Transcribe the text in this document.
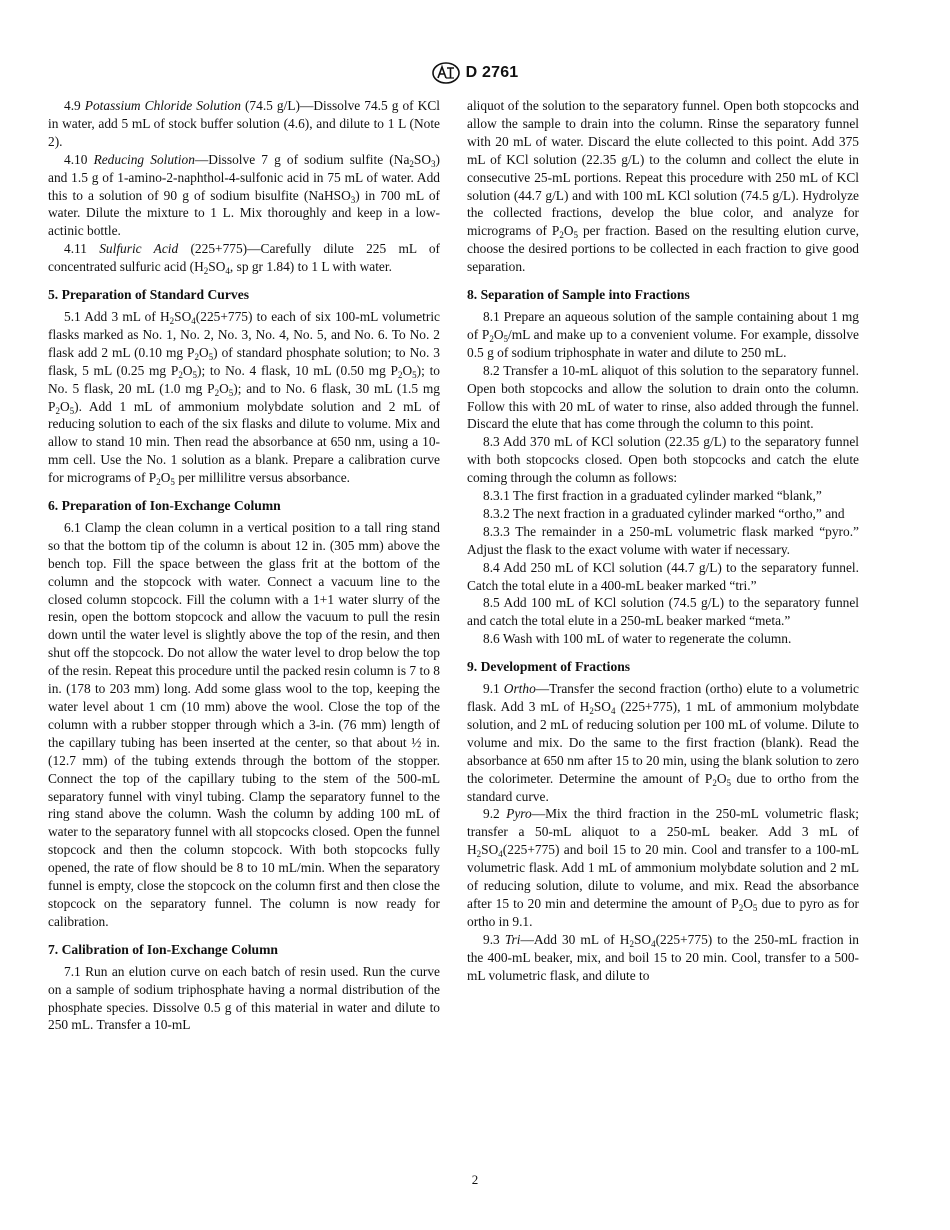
D 2761

4.9 Potassium Chloride Solution (74.5 g/L)—Dissolve 74.5 g of KCl in water, add 5 mL of stock buffer solution (4.6), and dilute to 1 L (Note 2).

4.10 Reducing Solution—Dissolve 7 g of sodium sulfite $(Na_2SO_3)$ and 1.5 g of 1-amino-2-naphthol-4-sulfonic acid in 75 mL of water. Add this to a solution of 90 g of sodium bisulfite (NaHSO$_3$) in 700 mL of water. Dilute the mixture to 1 L. Mix thoroughly and keep in a low-actinic bottle.

4.11 Sulfuric Acid (225+775)—Carefully dilute 225 mL of concentrated sulfuric acid ($H_2SO_4$, sp gr 1.84) to 1 L with water.

5. Preparation of Standard Curves

5.1 Add 3 mL of $H_2SO_4(225+775)$ to each of six 100-mL volumetric flasks marked as No. 1, No. 2, No. 3, No. 4, No. 5, and No. 6. To No. 2 flask add 2 mL (0.10 mg $P_2O_5$) of standard phosphate solution; to No. 3 flask, 5 mL (0.25 mg $P_2O_5$); to No. 4 flask, 10 mL (0.50 mg $P_2O_5$); to No. 5 flask, 20 mL (1.0 mg $P_2O_5$); and to No. 6 flask, 30 mL (1.5 mg $P_2O_5$). Add 1 mL of ammonium molybdate solution and 2 mL of reducing solution to each of the six flasks and dilute to volume. Mix and allow to stand 10 min. Then read the absorbance at 650 nm, using a 10-mm cell. Use the No. 1 solution as a blank. Prepare a calibration curve for micrograms of $P_2O_5$ per millilitre versus absorbance.

6. Preparation of Ion-Exchange Column

6.1 Clamp the clean column in a vertical position to a tall ring stand so that the bottom tip of the column is about 12 in. (305 mm) above the bench top. Fill the space between the glass frit at the bottom of the column and the stopcock with water. Connect a vacuum line to the closed column stopcock. Fill the column with a 1+1 water slurry of the resin, open the bottom stopcock and allow the vacuum to pull the resin down until the water level is slightly above the top of the resin, and then shut off the stopcock. Do not allow the water level to drop below the top of the resin. Repeat this procedure until the packed resin column is 7 to 8 in. (178 to 203 mm) long. Add some glass wool to the top, keeping the water level about 1 cm (10 mm) above the wool. Close the top of the column with a rubber stopper through which a 3-in. (76 mm) length of the capillary tubing has been inserted at the center, so that about ½ in. (12.7 mm) of the tubing extends through the bottom of the stopper. Connect the top of the capillary tubing to the stem of the 500-mL separatory funnel with vinyl tubing. Clamp the separatory funnel to the ring stand above the column. Wash the column by adding 100 mL of water to the separatory funnel with all stopcocks closed. Open the funnel stopcock and then the column stopcock. With both stopcocks fully opened, the rate of flow should be 8 to 10 mL/min. When the separatory funnel is empty, close the stopcock on the column first and then close the stopcock on the separatory funnel. The column is now ready for calibration.

7. Calibration of Ion-Exchange Column

7.1 Run an elution curve on each batch of resin used. Run the curve on a sample of sodium triphosphate having a normal distribution of the phosphate species. Dissolve 0.5 g of this material in water and dilute to 250 mL. Transfer a 10-mL

aliquot of the solution to the separatory funnel. Open both stopcocks and allow the sample to drain into the column. Rinse the separatory funnel with 20 mL of water. Discard the elute collected to this point. Add 375 mL of KCl solution (22.35 g/L) to the column and collect the elute in consecutive 25-mL portions. Repeat this procedure with 250 mL of KCl solution (44.7 g/L) and with 100 mL KCl solution (74.5 g/L). Hydrolyze the collected fractions, develop the blue color, and analyze for micrograms of $P_2O_5$ per fraction. Based on the resulting elution curve, choose the desired portions to be collected in each fraction to give good separation.

8. Separation of Sample into Fractions

8.1 Prepare an aqueous solution of the sample containing about 1 mg of $P_2O_5/mL$ and make up to a convenient volume. For example, dissolve 0.5 g of sodium triphosphate in water and dilute to 250 mL.

8.2 Transfer a 10-mL aliquot of this solution to the separatory funnel. Open both stopcocks and allow the solution to drain onto the column. Follow this with 20 mL of water to rinse, also added through the funnel. Discard the elute that has come through the column to this point.

8.3 Add 370 mL of KCl solution (22.35 g/L) to the separatory funnel with both stopcocks closed. Open both stopcocks and catch the elute coming through the column as follows:

8.3.1 The first fraction in a graduated cylinder marked “blank,”

8.3.2 The next fraction in a graduated cylinder marked “ortho,” and

8.3.3 The remainder in a 250-mL volumetric flask marked “pyro.” Adjust the flask to the exact volume with water if necessary.

8.4 Add 250 mL of KCl solution (44.7 g/L) to the separatory funnel. Catch the total elute in a 400-mL beaker marked “tri.”

8.5 Add 100 mL of KCl solution (74.5 g/L) to the separatory funnel and catch the total elute in a 250-mL beaker marked “meta.”

8.6 Wash with 100 mL of water to regenerate the column.

9. Development of Fractions

9.1 Ortho—Transfer the second fraction (ortho) elute to a volumetric flask. Add 3 mL of $H_2SO_4$ (225+775), 1 mL of ammonium molybdate solution, and 2 mL of reducing solution per 100 mL of volume. Dilute to volume and mix. Do the same to the first fraction (blank). Read the absorbance at 650 nm after 15 to 20 min, using the blank solution to zero the colorimeter. Determine the amount of $P_2O_5$ due to ortho from the standard curve.

9.2 Pyro—Mix the third fraction in the 250-mL volumetric flask; transfer a 50-mL aliquot to a 250-mL beaker. Add 3 mL of $H_2SO_4(225+775)$ and boil 15 to 20 min. Cool and transfer to a 100-mL volumetric flask. Add 1 mL of ammonium molybdate solution and 2 mL of reducing solution, dilute to volume, and mix. Read the absorbance after 15 to 20 min and determine the amount of $P_2O_5$ due to pyro as for ortho in 9.1.

9.3 Tri—Add 30 mL of $H_2SO_4(225+775)$ to the 250-mL fraction in the 400-mL beaker, mix, and boil 15 to 20 min. Cool, transfer to a 500-mL volumetric flask, and dilute to

2
